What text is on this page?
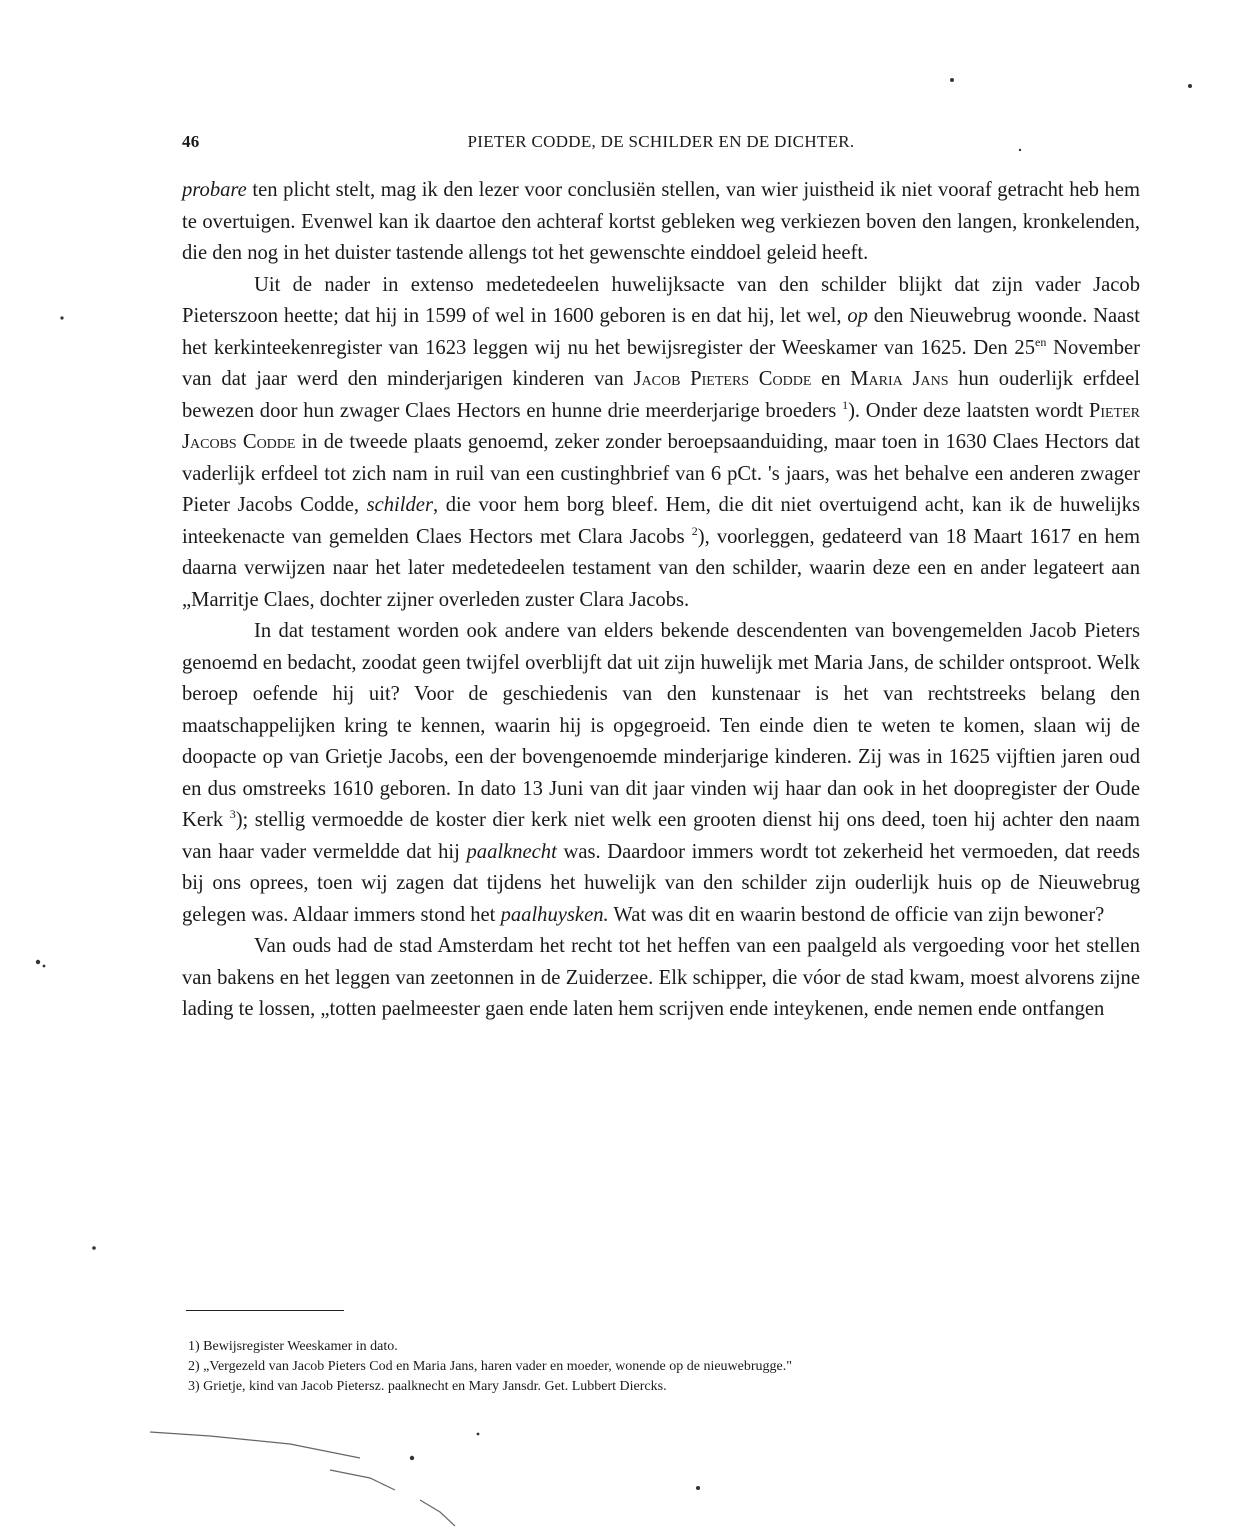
46	PIETER CODDE, DE SCHILDER EN DE DICHTER.

probare ten plicht stelt, mag ik den lezer voor conclusiën stellen, van wier juistheid ik niet vooraf getracht heb hem te overtuigen. Evenwel kan ik daartoe den achteraf kortst gebleken weg verkiezen boven den langen, kronkelenden, die den nog in het duister tastende allengs tot het gewenschte einddoel geleid heeft.

Uit de nader in extenso medetedeelen huwelijksacte van den schilder blijkt dat zijn vader Jacob Pieterszoon heette; dat hij in 1599 of wel in 1600 geboren is en dat hij, let wel, op den Nieuwebrug woonde. Naast het kerkinteekenregister van 1623 leggen wij nu het bewijsregister der Weeskamer van 1625. Den $25^{en}$ November van dat jaar werd den minderjarigen kinderen van Jacob Pieters Codde en Maria Jans hun ouderlijk erfdeel bewezen door hun zwager Claes Hectors en hunne drie meerderjarige broeders $^1$). Onder deze laatsten wordt Pieter Jacobs Codde in de tweede plaats genoemd, zeker zonder beroepsaanduiding, maar toen in 1630 Claes Hectors dat vaderlijk erfdeel tot zich nam in ruil van een custinghbrief van 6 pCt. 's jaars, was het behalve een anderen zwager Pieter Jacobs Codde, schilder, die voor hem borg bleef. Hem, die dit niet overtuigend acht, kan ik de huwelijks inteekenacte van gemelden Claes Hectors met Clara Jacobs $^2$), voorleggen, gedateerd van 18 Maart 1617 en hem daarna verwijzen naar het later medetedeelen testament van den schilder, waarin deze een en ander legateert aan „Marritje Claes, dochter zijner overleden zuster Clara Jacobs.

In dat testament worden ook andere van elders bekende descendenten van bovengemelden Jacob Pieters genoemd en bedacht, zoodat geen twijfel overblijft dat uit zijn huwelijk met Maria Jans, de schilder ontsproot. Welk beroep oefende hij uit? Voor de geschiedenis van den kunstenaar is het van rechtstreeks belang den maatschappelijken kring te kennen, waarin hij is opgegroeid. Ten einde dien te weten te komen, slaan wij de doopacte op van Grietje Jacobs, een der bovengenoemde minderjarige kinderen. Zij was in 1625 vijftien jaren oud en dus omstreeks 1610 geboren. In dato 13 Juni van dit jaar vinden wij haar dan ook in het doopregister der Oude Kerk $^3$); stellig vermoedde de koster dier kerk niet welk een grooten dienst hij ons deed, toen hij achter den naam van haar vader vermeldde dat hij paalknecht was. Daardoor immers wordt tot zekerheid het vermoeden, dat reeds bij ons oprees, toen wij zagen dat tijdens het huwelijk van den schilder zijn ouderlijk huis op de Nieuwebrug gelegen was. Aldaar immers stond het paalhuysken. Wat was dit en waarin bestond de officie van zijn bewoner?

Van ouds had de stad Amsterdam het recht tot het heffen van een paalgeld als vergoeding voor het stellen van bakens en het leggen van zeetonnen in de Zuiderzee. Elk schipper, die vóor de stad kwam, moest alvorens zijne lading te lossen, „totten paelmeester gaen ende laten hem scrijven ende inteykenen, ende nemen ende ontfangen

1) Bewijsregister Weeskamer in dato.
2) „Vergezeld van Jacob Pieters Cod en Maria Jans, haren vader en moeder, wonende op de nieuwebrugge."
3) Grietje, kind van Jacob Pietersz. paalknecht en Mary Jansdr. Get. Lubbert Diercks.
